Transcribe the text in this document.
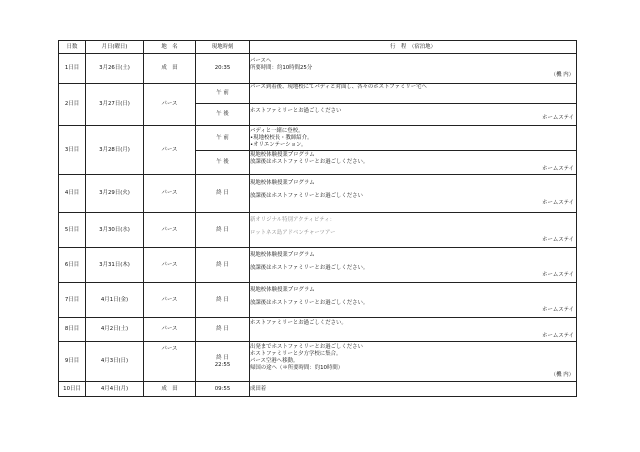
日数	月日(曜日)	地　名	現地時刻	行　程　（宿泊地）
1日目	3月26日(土)	成　田	20:35	パースへ
所要時間：約10時間25分
（機 内）

2日目	3月27日(日)	パース	午 前	パース到着後、現地校にてバディと対面し、各々のホストファミリー宅へ

			午 後	ホストファミリーとお過ごしください
ホームステイ

3日目	3月28日(月)	パース	午 前	バディと一緒に登校。
•現地校校長・教師紹介。
•オリエンテーション。

			午 後	現地校体験授業プログラム
放課後はホストファミリーとお過ごしください。
ホームステイ

4日目	3月29日(火)	パース	終 日	現地校体験授業プログラム
放課後はホストファミリーとお過ごしください
ホームステイ

5日目	3月30日(水)	パース	終 日	新オリジナル特別アクティビティ：
ロットネス島アドベンチャーツアー
ホームステイ

6日目	3月31日(木)	パース	終 日	現地校体験授業プログラム
放課後はホストファミリーとお過ごしください。
ホームステイ

7日目	4月1日(金)	パース	終 日	現地校体験授業プログラム
放課後はホストファミリーとお過ごしください。
ホームステイ

8日目	4月2日(土)	パース	終 日	ホストファミリーとお過ごしください。
ホームステイ

9日目	4月3日(日)	パース	終 日
22:55	出発までホストファミリーとお過ごしください
ホストファミリーと夕方学校に集合。
パース空港へ移動。
帰国の途へ（＊所要時間：約10時間）
（機 内）

10日目	4月4日(月)	成　田	09:55	成田着
